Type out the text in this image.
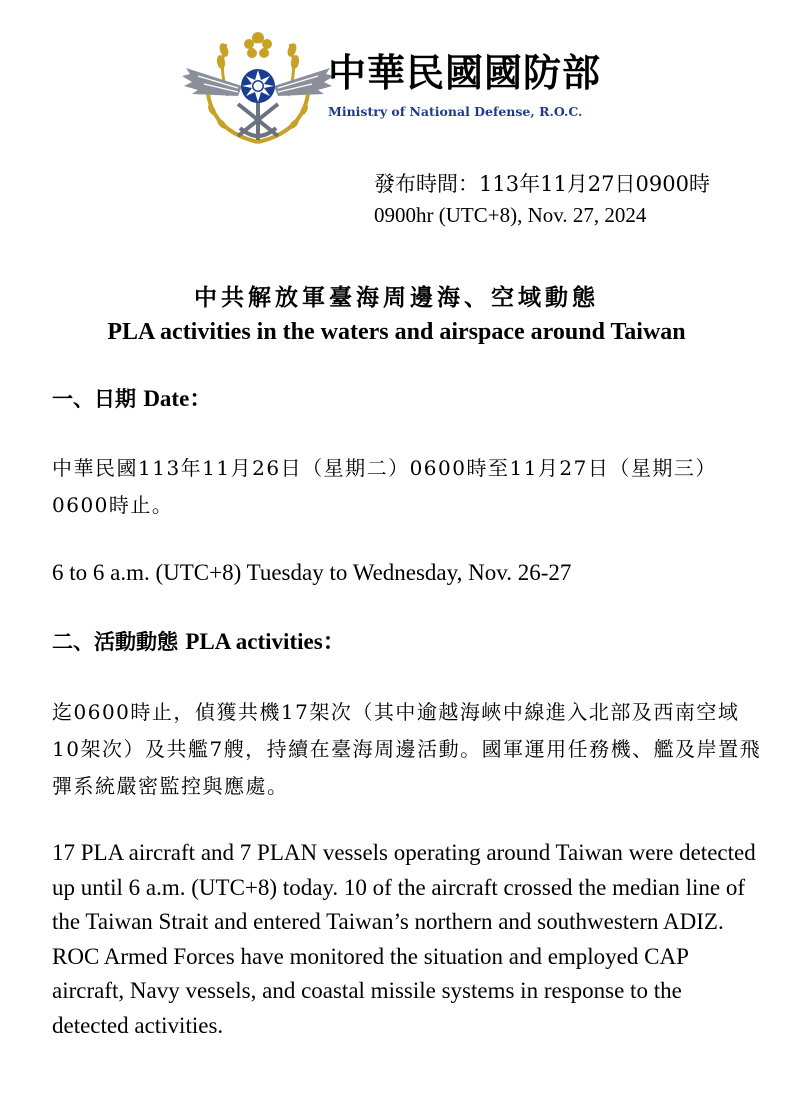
中華民國國防部
Ministry of National Defense, R.O.C.
發布時間：113年11月27日0900時
0900hr (UTC+8), Nov. 27, 2024
中共解放軍臺海周邊海、空域動態
PLA activities in the waters and airspace around Taiwan
一、日期 Date：
中華民國113年11月26日（星期二）0600時至11月27日（星期三）0600時止。
6 to 6 a.m. (UTC+8) Tuesday to Wednesday, Nov. 26-27
二、活動動態 PLA activities：
迄0600時止，偵獲共機17架次（其中逾越海峽中線進入北部及西南空域10架次）及共艦7艘，持續在臺海周邊活動。國軍運用任務機、艦及岸置飛彈系統嚴密監控與應處。
17 PLA aircraft and 7 PLAN vessels operating around Taiwan were detected up until 6 a.m. (UTC+8) today. 10 of the aircraft crossed the median line of the Taiwan Strait and entered Taiwan’s northern and southwestern ADIZ. ROC Armed Forces have monitored the situation and employed CAP aircraft, Navy vessels, and coastal missile systems in response to the detected activities.
